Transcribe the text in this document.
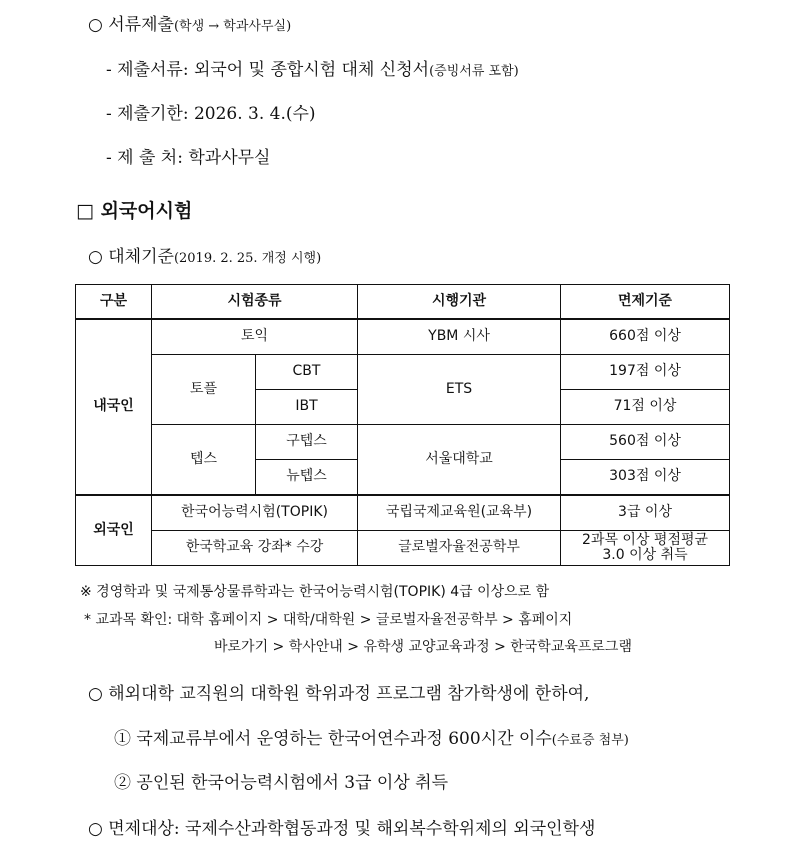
○ 서류제출(학생 → 학과사무실)
- 제출서류: 외국어 및 종합시험 대체 신청서(증빙서류 포함)
- 제출기한: 2026. 3. 4.(수)
- 제 출 처: 학과사무실
□ 외국어시험
○ 대체기준(2019. 2. 25. 개정 시행)
구분	시험종류		시행기관	면제기준
내국인	토익		YBM 시사	660점 이상
	토플	CBT	ETS	197점 이상
		IBT		71점 이상
	텝스	구텝스	서울대학교	560점 이상
		뉴텝스		303점 이상
외국인	한국어능력시험(TOPIK)		국립국제교육원(교육부)	3급 이상
	한국학교육 강좌* 수강		글로벌자율전공학부	2과목 이상 평점평균
3.0 이상 취득
※ 경영학과 및 국제통상물류학과는 한국어능력시험(TOPIK) 4급 이상으로 함
* 교과목 확인: 대학 홈페이지 > 대학/대학원 > 글로벌자율전공학부 > 홈페이지
바로가기 > 학사안내 > 유학생 교양교육과정 > 한국학교육프로그램
○ 해외대학 교직원의 대학원 학위과정 프로그램 참가학생에 한하여,
① 국제교류부에서 운영하는 한국어연수과정 600시간 이수(수료증 첨부)
② 공인된 한국어능력시험에서 3급 이상 취득
○ 면제대상: 국제수산과학협동과정 및 해외복수학위제의 외국인학생
